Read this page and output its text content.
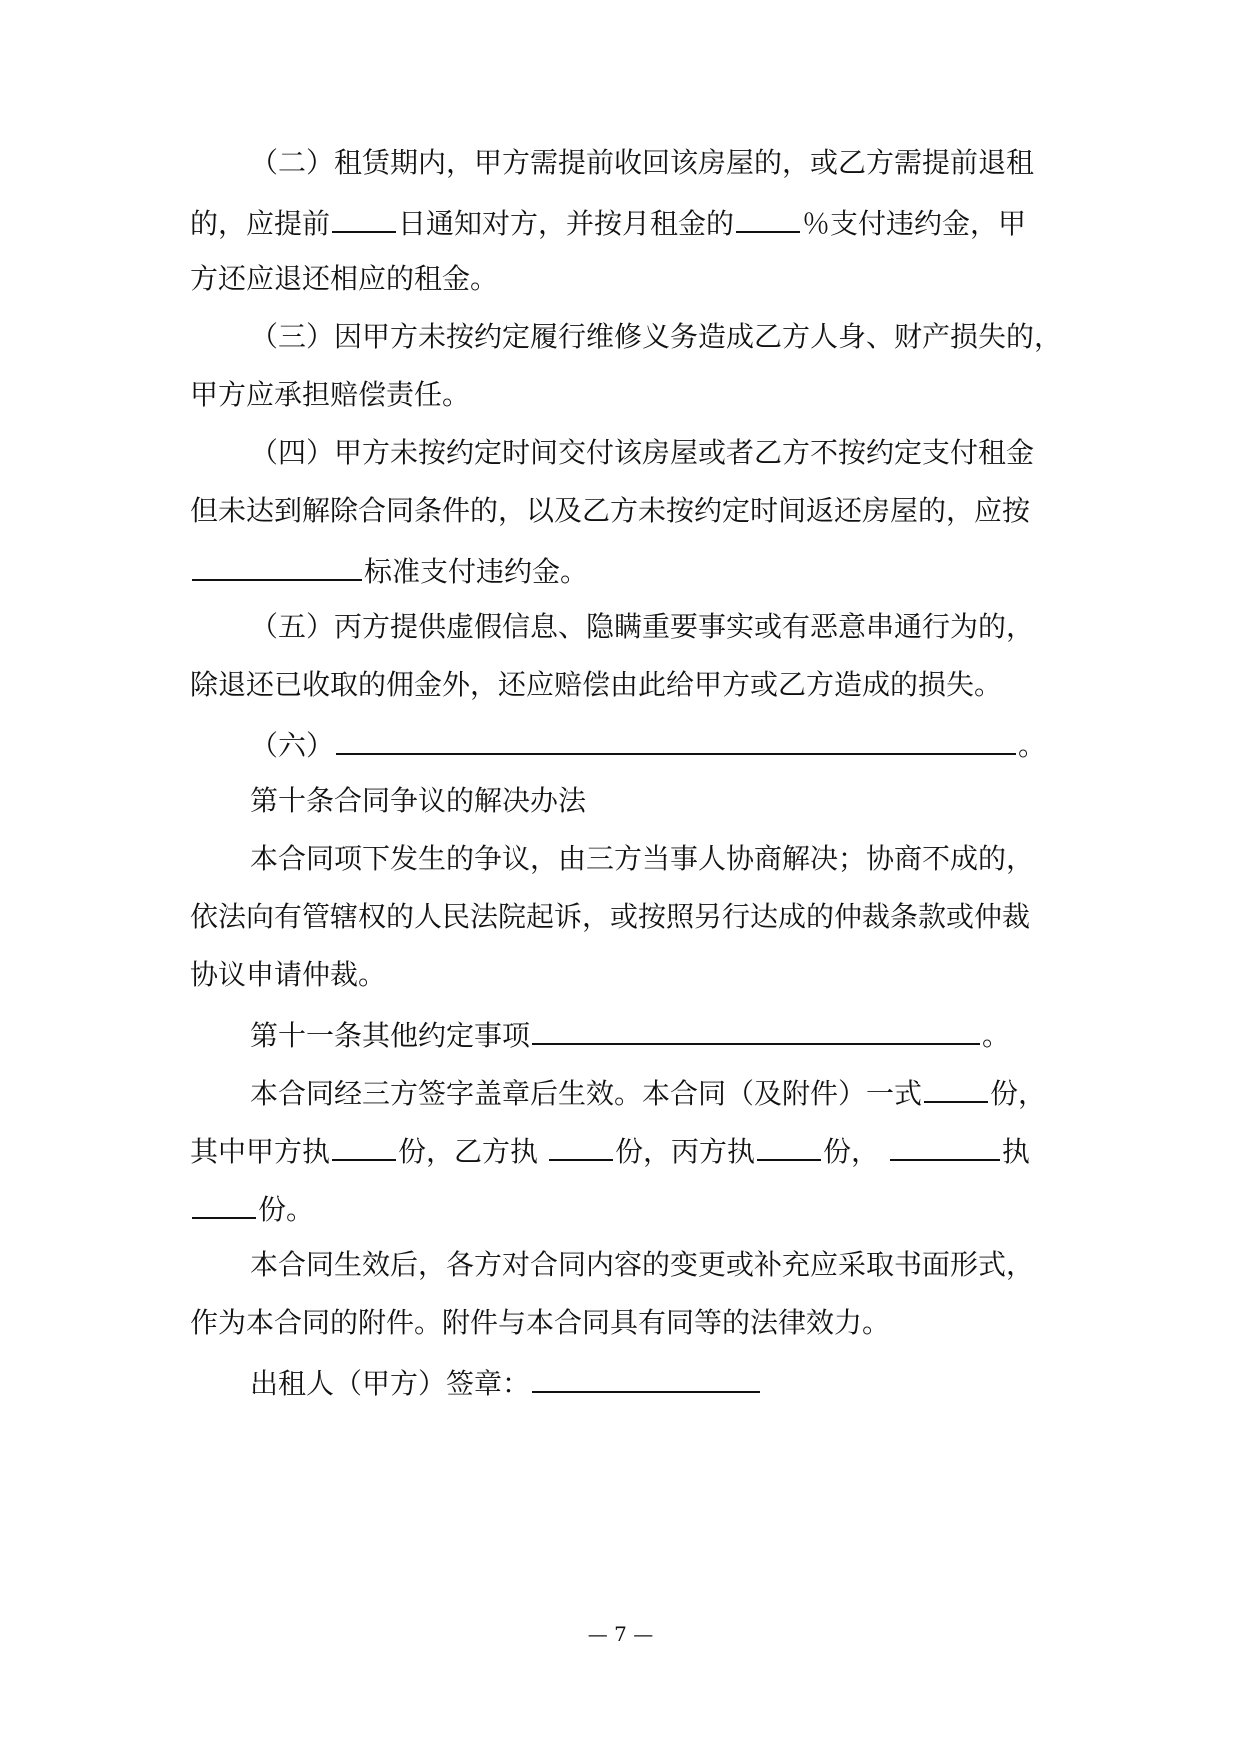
（二）租赁期内，甲方需提前收回该房屋的，或乙方需提前退租
的，应提前 日通知对方，并按月租金的 ％支付违约金，甲
方还应退还相应的租金。
（三）因甲方未按约定履行维修义务造成乙方人身、财产损失的，
甲方应承担赔偿责任。
（四）甲方未按约定时间交付该房屋或者乙方不按约定支付租金
但未达到解除合同条件的，以及乙方未按约定时间返还房屋的，应按
标准支付违约金。
（五）丙方提供虚假信息、隐瞒重要事实或有恶意串通行为的，
除退还已收取的佣金外，还应赔偿由此给甲方或乙方造成的损失。
（六）	。
第十条合同争议的解决办法
本合同项下发生的争议，由三方当事人协商解决；协商不成的，
依法向有管辖权的人民法院起诉，或按照另行达成的仲裁条款或仲裁
协议申请仲裁。
第十一条其他约定事项	。
本合同经三方签字盖章后生效。本合同（及附件）一式 份，
其中甲方执 份，乙方执	份，丙方执 份，	执
份。
本合同生效后，各方对合同内容的变更或补充应采取书面形式，
作为本合同的附件。附件与本合同具有同等的法律效力。
出租人（甲方）签章：
— 7 —
